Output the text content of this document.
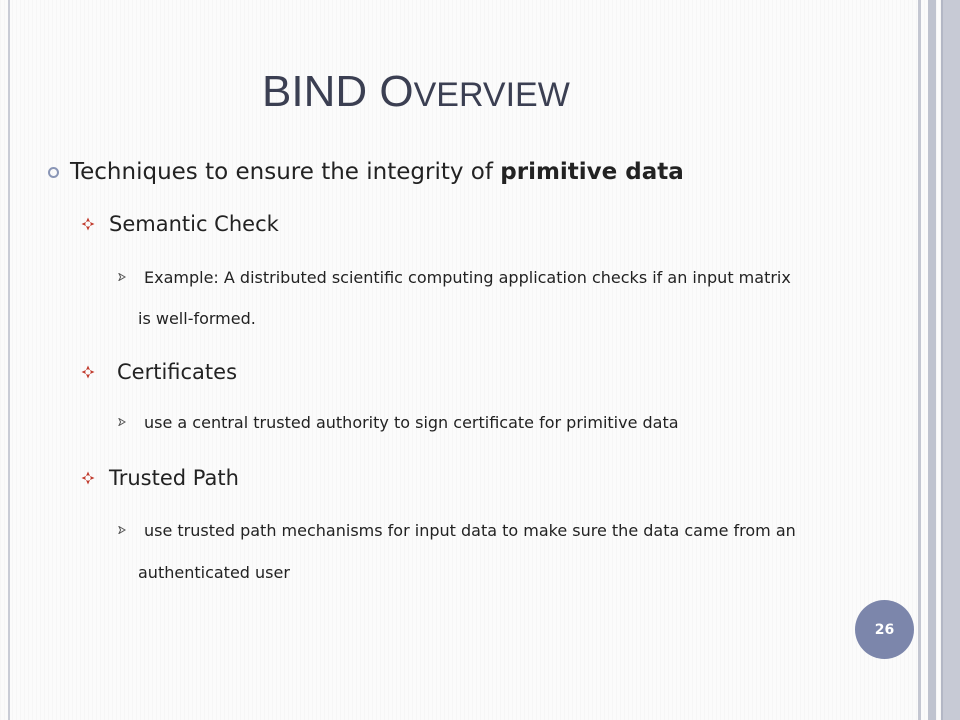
BIND OVERVIEW
Techniques to ensure the integrity of primitive data
Semantic Check
Example: A distributed scientific computing application checks if an input matrix
is well-formed.
Certificates
use a central trusted authority to sign certificate for primitive data
Trusted Path
use trusted path mechanisms for input data to make sure the data came from an
authenticated user
26
